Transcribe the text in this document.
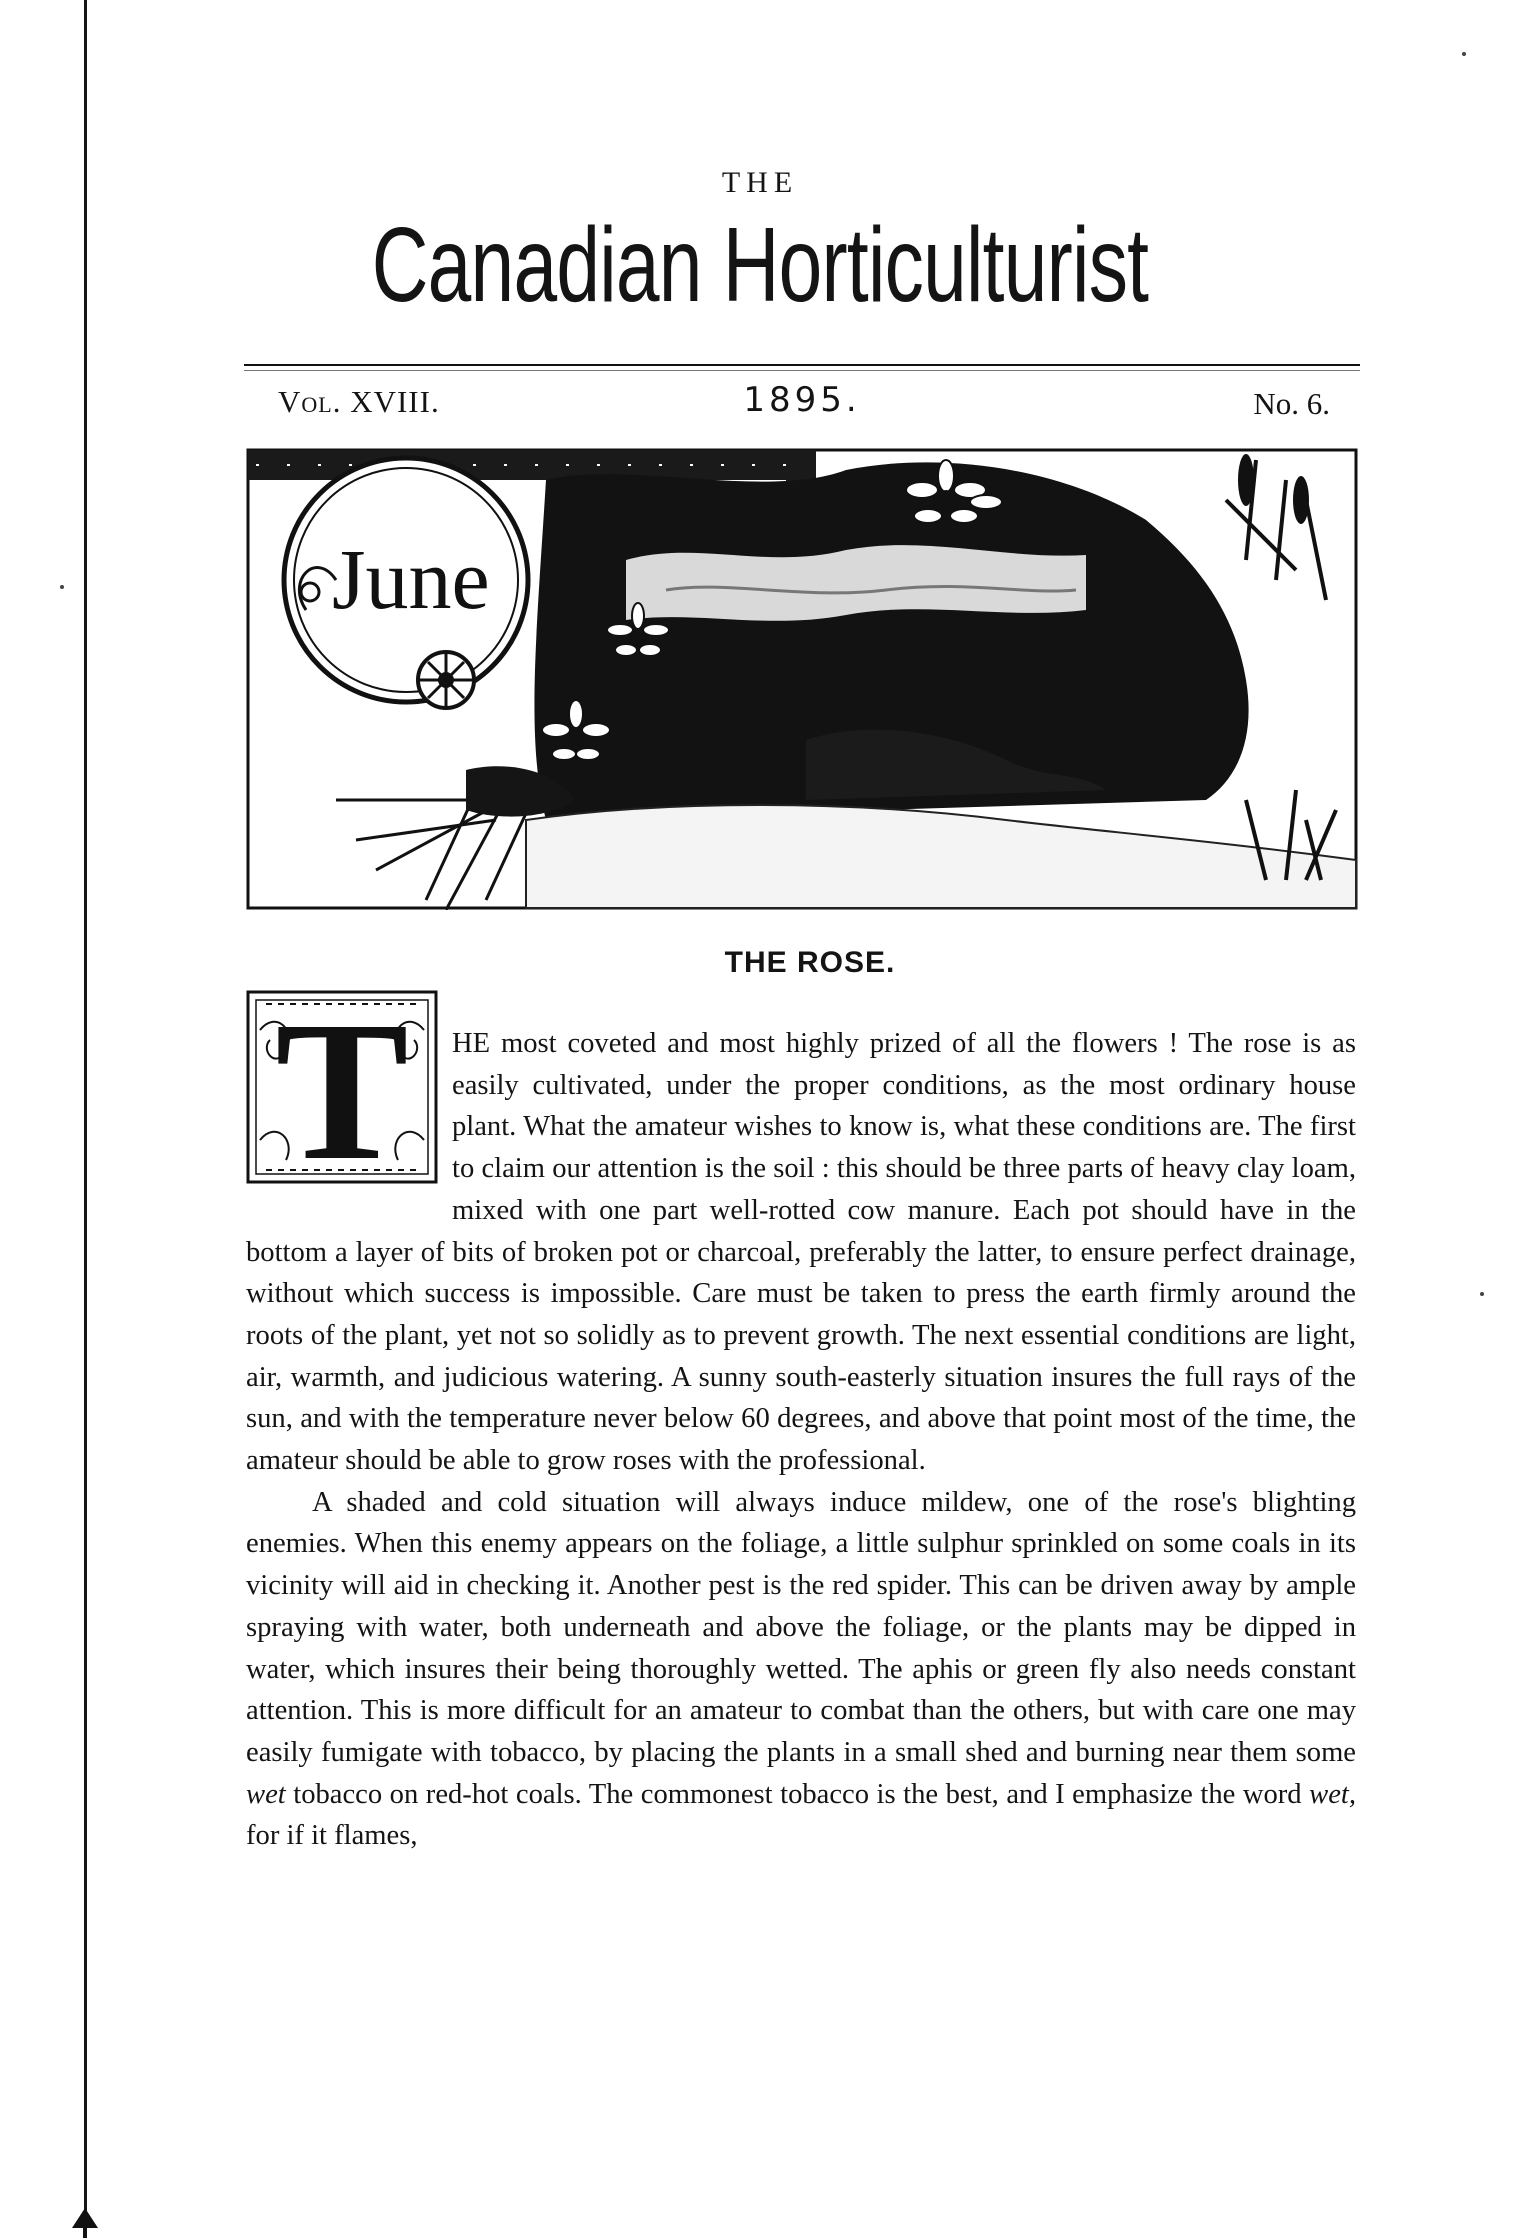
THE
Canadian Horticulturist
Vol. XVIII.	1895.	No. 6.
June
THE ROSE.
T	HE most coveted and most highly prized of all the flowers ! The rose is as easily cultivated, under the proper conditions, as the most ordinary house plant. What the amateur wishes to know is, what these conditions are. The first to claim our attention is the soil : this should be three parts of heavy clay loam, mixed with one part well-rotted cow manure. Each pot should have in the bottom a layer of bits of broken pot or charcoal, preferably the latter, to ensure perfect drainage, without which success is impossible. Care must be taken to press the earth firmly around the roots of the plant, yet not so solidly as to prevent growth. The next essential conditions are light, air, warmth, and judicious watering. A sunny south-easterly situation insures the full rays of the sun, and with the temperature never below 60 degrees, and above that point most of the time, the amateur should be able to grow roses with the professional.

A shaded and cold situation will always induce mildew, one of the rose's blighting enemies. When this enemy appears on the foliage, a little sulphur sprinkled on some coals in its vicinity will aid in checking it. Another pest is the red spider. This can be driven away by ample spraying with water, both underneath and above the foliage, or the plants may be dipped in water, which insures their being thoroughly wetted. The aphis or green fly also needs constant attention. This is more difficult for an amateur to combat than the others, but with care one may easily fumigate with tobacco, by placing the plants in a small shed and burning near them some wet tobacco on red-hot coals. The commonest tobacco is the best, and I emphasize the word wet, for if it flames,
